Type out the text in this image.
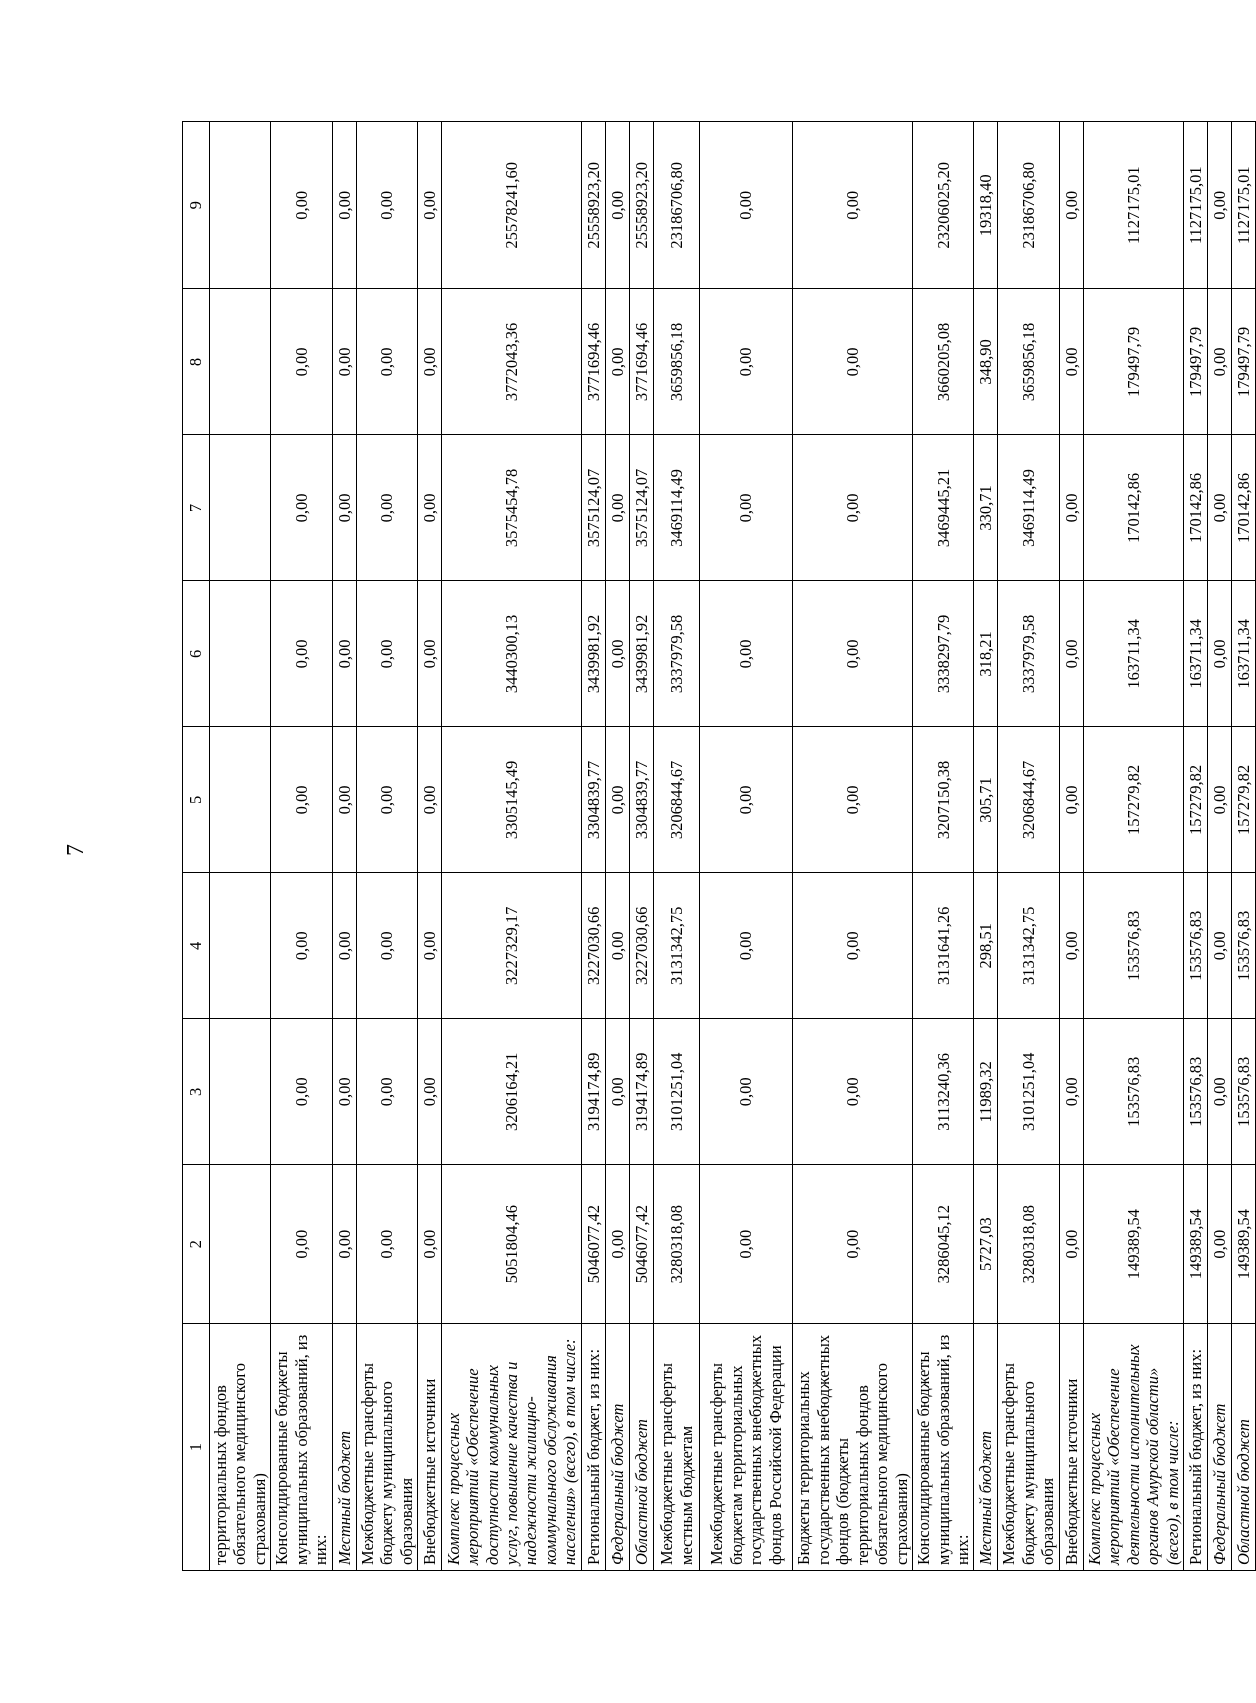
7
1	2	3	4	5	6	7	8	9
территориальных фондов обязательного медицинского страхования)								
Консолидированные бюджеты муниципальных образований, из них:	0,00	0,00	0,00	0,00	0,00	0,00	0,00	0,00
Местный бюджет	0,00	0,00	0,00	0,00	0,00	0,00	0,00	0,00
Межбюджетные трансферты бюджету муниципального образования	0,00	0,00	0,00	0,00	0,00	0,00	0,00	0,00
Внебюджетные источники	0,00	0,00	0,00	0,00	0,00	0,00	0,00	0,00
Комплекс процессных мероприятий «Обеспечение доступности коммунальных услуг, повышение качества и надежности жилищно-коммунального обслуживания населения» (всего), в том числе:	5051804,46	3206164,21	3227329,17	3305145,49	3440300,13	3575454,78	3772043,36	25578241,60
Региональный бюджет, из них:	5046077,42	3194174,89	3227030,66	3304839,77	3439981,92	3575124,07	3771694,46	25558923,20
Федеральный бюджет	0,00	0,00	0,00	0,00	0,00	0,00	0,00	0,00
Областной бюджет	5046077,42	3194174,89	3227030,66	3304839,77	3439981,92	3575124,07	3771694,46	25558923,20
Межбюджетные трансферты местным бюджетам	3280318,08	3101251,04	3131342,75	3206844,67	3337979,58	3469114,49	3659856,18	23186706,80
Межбюджетные трансферты бюджетам территориальных государственных внебюджетных фондов Российской Федерации	0,00	0,00	0,00	0,00	0,00	0,00	0,00	0,00
Бюджеты территориальных государственных внебюджетных фондов (бюджеты территориальных фондов обязательного медицинского страхования)	0,00	0,00	0,00	0,00	0,00	0,00	0,00	0,00
Консолидированные бюджеты муниципальных образований, из них:	3286045,12	3113240,36	3131641,26	3207150,38	3338297,79	3469445,21	3660205,08	23206025,20
Местный бюджет	5727,03	11989,32	298,51	305,71	318,21	330,71	348,90	19318,40
Межбюджетные трансферты бюджету муниципального образования	3280318,08	3101251,04	3131342,75	3206844,67	3337979,58	3469114,49	3659856,18	23186706,80
Внебюджетные источники	0,00	0,00	0,00	0,00	0,00	0,00	0,00	0,00
Комплекс процессных мероприятий «Обеспечение деятельности исполнительных органов Амурской области» (всего), в том числе:	149389,54	153576,83	153576,83	157279,82	163711,34	170142,86	179497,79	1127175,01
Региональный бюджет, из них:	149389,54	153576,83	153576,83	157279,82	163711,34	170142,86	179497,79	1127175,01
Федеральный бюджет	0,00	0,00	0,00	0,00	0,00	0,00	0,00	0,00
Областной бюджет	149389,54	153576,83	153576,83	157279,82	163711,34	170142,86	179497,79	1127175,01
